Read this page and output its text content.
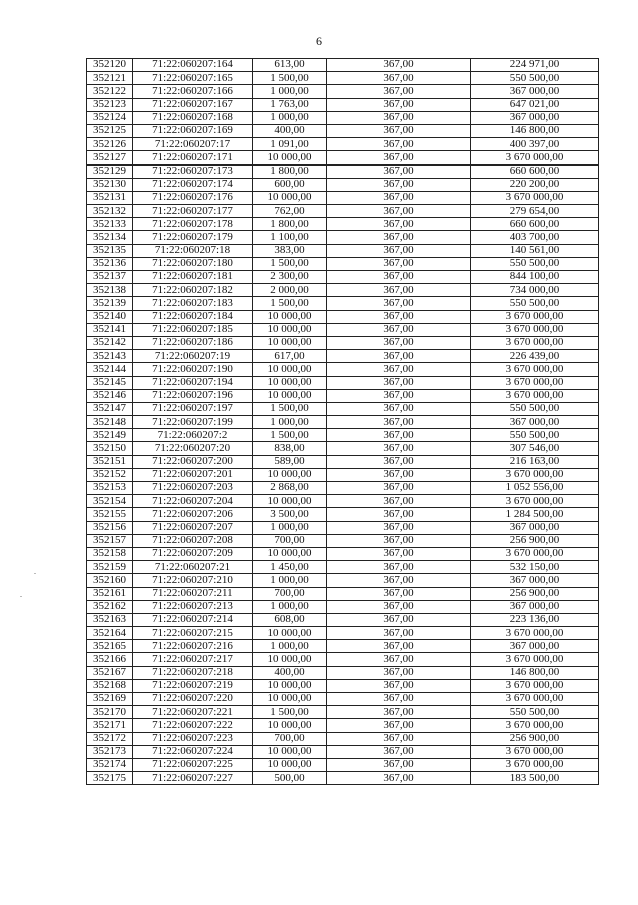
6
352120	71:22:060207:164	613,00	367,00	224 971,00
352121	71:22:060207:165	1 500,00	367,00	550 500,00
352122	71:22:060207:166	1 000,00	367,00	367 000,00
352123	71:22:060207:167	1 763,00	367,00	647 021,00
352124	71:22:060207:168	1 000,00	367,00	367 000,00
352125	71:22:060207:169	400,00	367,00	146 800,00
352126	71:22:060207:17	1 091,00	367,00	400 397,00
352127	71:22:060207:171	10 000,00	367,00	3 670 000,00
352129	71:22:060207:173	1 800,00	367,00	660 600,00
352130	71:22:060207:174	600,00	367,00	220 200,00
352131	71:22:060207:176	10 000,00	367,00	3 670 000,00
352132	71:22:060207:177	762,00	367,00	279 654,00
352133	71:22:060207:178	1 800,00	367,00	660 600,00
352134	71:22:060207:179	1 100,00	367,00	403 700,00
352135	71:22:060207:18	383,00	367,00	140 561,00
352136	71:22:060207:180	1 500,00	367,00	550 500,00
352137	71:22:060207:181	2 300,00	367,00	844 100,00
352138	71:22:060207:182	2 000,00	367,00	734 000,00
352139	71:22:060207:183	1 500,00	367,00	550 500,00
352140	71:22:060207:184	10 000,00	367,00	3 670 000,00
352141	71:22:060207:185	10 000,00	367,00	3 670 000,00
352142	71:22:060207:186	10 000,00	367,00	3 670 000,00
352143	71:22:060207:19	617,00	367,00	226 439,00
352144	71:22:060207:190	10 000,00	367,00	3 670 000,00
352145	71:22:060207:194	10 000,00	367,00	3 670 000,00
352146	71:22:060207:196	10 000,00	367,00	3 670 000,00
352147	71:22:060207:197	1 500,00	367,00	550 500,00
352148	71:22:060207:199	1 000,00	367,00	367 000,00
352149	71:22:060207:2	1 500,00	367,00	550 500,00
352150	71:22:060207:20	838,00	367,00	307 546,00
352151	71:22:060207:200	589,00	367,00	216 163,00
352152	71:22:060207:201	10 000,00	367,00	3 670 000,00
352153	71:22:060207:203	2 868,00	367,00	1 052 556,00
352154	71:22:060207:204	10 000,00	367,00	3 670 000,00
352155	71:22:060207:206	3 500,00	367,00	1 284 500,00
352156	71:22:060207:207	1 000,00	367,00	367 000,00
352157	71:22:060207:208	700,00	367,00	256 900,00
352158	71:22:060207:209	10 000,00	367,00	3 670 000,00
352159	71:22:060207:21	1 450,00	367,00	532 150,00
352160	71:22:060207:210	1 000,00	367,00	367 000,00
352161	71:22:060207:211	700,00	367,00	256 900,00
352162	71:22:060207:213	1 000,00	367,00	367 000,00
352163	71:22:060207:214	608,00	367,00	223 136,00
352164	71:22:060207:215	10 000,00	367,00	3 670 000,00
352165	71:22:060207:216	1 000,00	367,00	367 000,00
352166	71:22:060207:217	10 000,00	367,00	3 670 000,00
352167	71:22:060207:218	400,00	367,00	146 800,00
352168	71:22:060207:219	10 000,00	367,00	3 670 000,00
352169	71:22:060207:220	10 000,00	367,00	3 670 000,00
352170	71:22:060207:221	1 500,00	367,00	550 500,00
352171	71:22:060207:222	10 000,00	367,00	3 670 000,00
352172	71:22:060207:223	700,00	367,00	256 900,00
352173	71:22:060207:224	10 000,00	367,00	3 670 000,00
352174	71:22:060207:225	10 000,00	367,00	3 670 000,00
352175	71:22:060207:227	500,00	367,00	183 500,00
